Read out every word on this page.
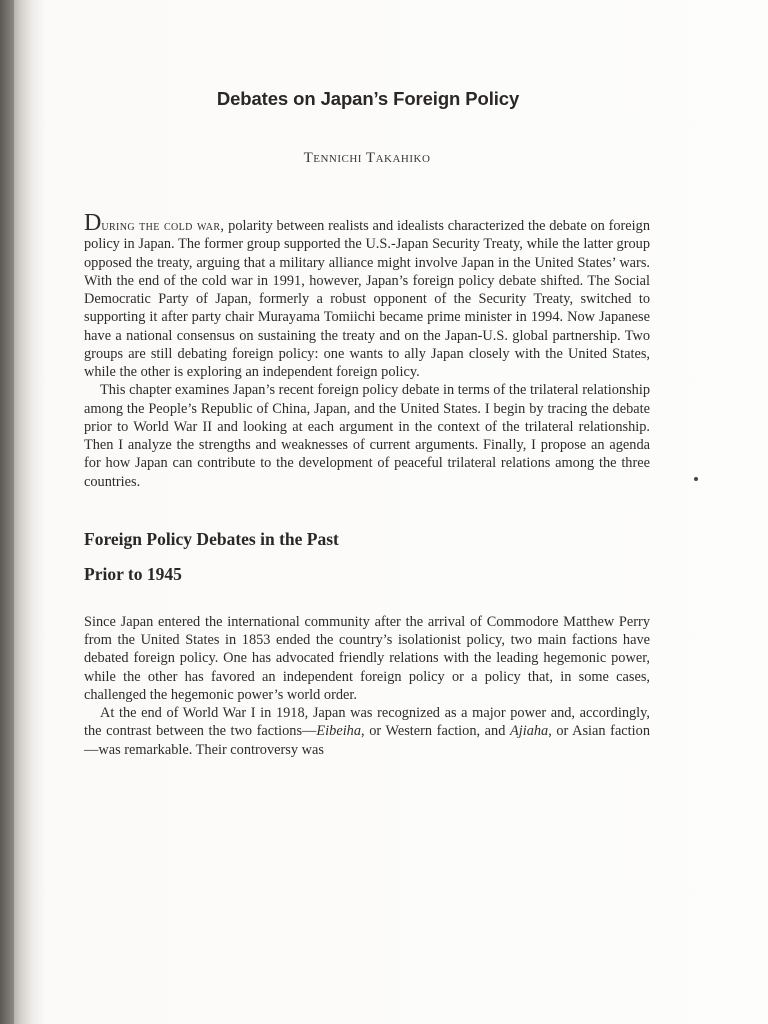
Debates on Japan’s Foreign Policy
Tennichi Takahiko

During the cold war, polarity between realists and idealists characterized the debate on foreign policy in Japan. The former group supported the U.S.-Japan Security Treaty, while the latter group opposed the treaty, arguing that a military alliance might involve Japan in the United States’ wars. With the end of the cold war in 1991, however, Japan’s foreign policy debate shifted. The Social Democratic Party of Japan, formerly a robust opponent of the Security Treaty, switched to supporting it after party chair Murayama Tomiichi became prime minister in 1994. Now Japanese have a national consensus on sustaining the treaty and on the Japan-U.S. global partnership. Two groups are still debating foreign policy: one wants to ally Japan closely with the United States, while the other is exploring an independent foreign policy.

This chapter examines Japan’s recent foreign policy debate in terms of the trilateral relationship among the People’s Republic of China, Japan, and the United States. I begin by tracing the debate prior to World War II and looking at each argument in the context of the trilateral relationship. Then I analyze the strengths and weaknesses of current arguments. Finally, I propose an agenda for how Japan can contribute to the development of peaceful trilateral relations among the three countries.

Foreign Policy Debates in the Past
Prior to 1945

Since Japan entered the international community after the arrival of Commodore Matthew Perry from the United States in 1853 ended the country’s isolationist policy, two main factions have debated foreign policy. One has advocated friendly relations with the leading hegemonic power, while the other has favored an independent foreign policy or a policy that, in some cases, challenged the hegemonic power’s world order.

At the end of World War I in 1918, Japan was recognized as a major power and, accordingly, the contrast between the two factions—Eibeiha, or Western faction, and Ajiaha, or Asian faction—was remarkable. Their controversy was
